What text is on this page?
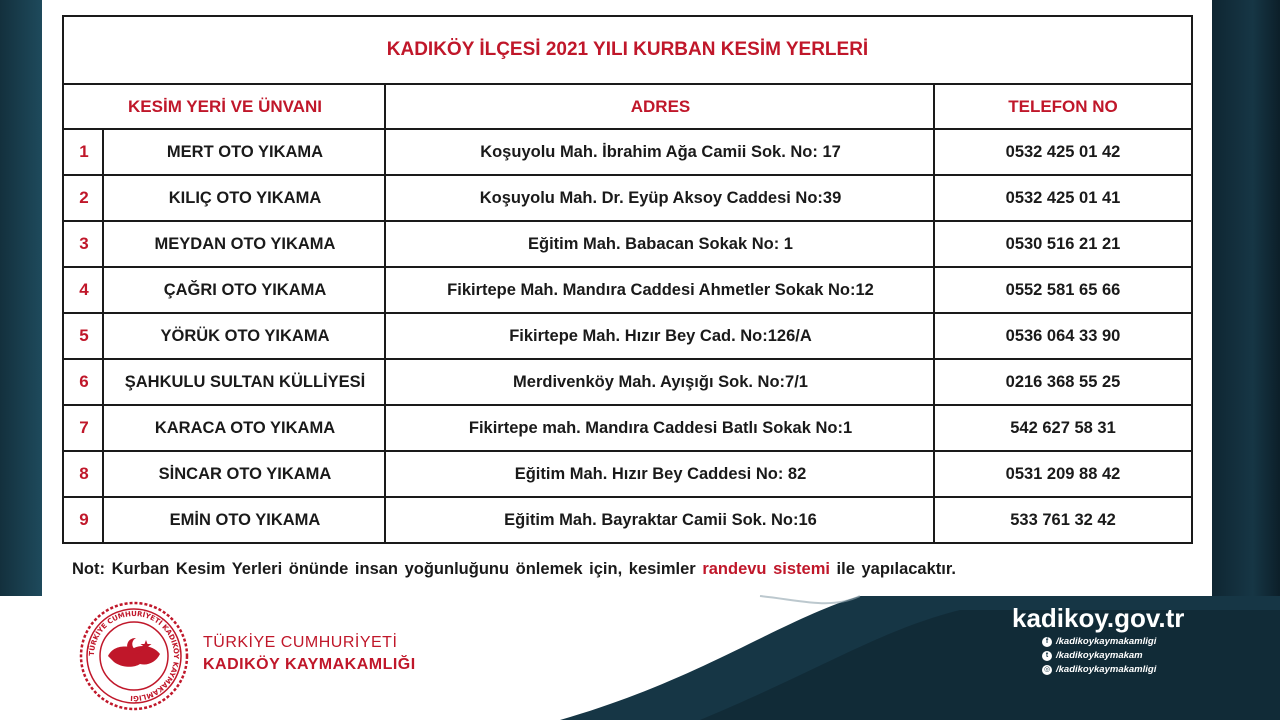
KADIKÖY İLÇESİ 2021 YILI KURBAN KESİM YERLERİ
KESİM YERİ VE ÜNVANI	ADRES	TELEFON NO
1	MERT OTO YIKAMA	Koşuyolu Mah. İbrahim Ağa Camii Sok. No: 17	0532 425 01 42
2	KILIÇ OTO YIKAMA	Koşuyolu Mah. Dr. Eyüp Aksoy Caddesi No:39	0532 425 01 41
3	MEYDAN OTO YIKAMA	Eğitim Mah. Babacan Sokak No: 1	0530 516 21 21
4	ÇAĞRI OTO YIKAMA	Fikirtepe Mah. Mandıra Caddesi Ahmetler Sokak No:12	0552 581 65 66
5	YÖRÜK OTO YIKAMA	Fikirtepe Mah. Hızır Bey Cad. No:126/A	0536 064 33 90
6	ŞAHKULU SULTAN KÜLLİYESİ	Merdivenköy Mah. Ayışığı Sok. No:7/1	0216 368 55 25
7	KARACA OTO YIKAMA	Fikirtepe mah. Mandıra Caddesi Batlı Sokak No:1	542 627 58 31
8	SİNCAR OTO YIKAMA	Eğitim Mah. Hızır Bey Caddesi No: 82	0531 209 88 42
9	EMİN OTO YIKAMA	Eğitim Mah. Bayraktar Camii Sok. No:16	533 761 32 42
Not: Kurban Kesim Yerleri önünde insan yoğunluğunu önlemek için, kesimler randevu sistemi ile yapılacaktır.
TÜRKİYE CUMHURİYETİ KADIKÖY KAYMAKAMLIĞI
TÜRKİYE CUMHURİYETİ
KADIKÖY KAYMAKAMLIĞI
kadikoy.gov.tr
f /kadikoykaymakamligi
t /kadikoykaymakam
◎ /kadikoykaymakamligi
